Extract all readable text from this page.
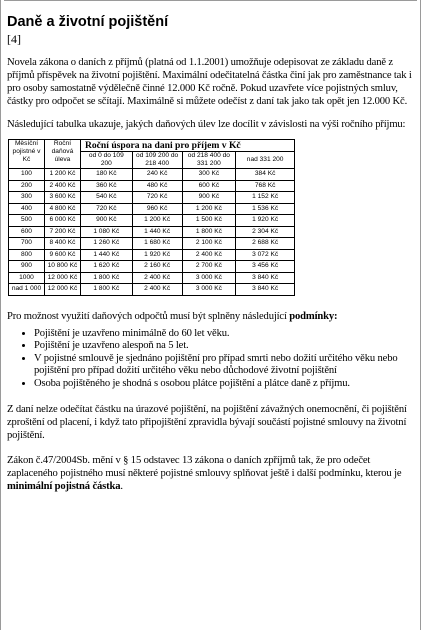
Daně a životní pojištění
[4]

Novela zákona o daních z příjmů (platná od 1.1.2001) umožňuje odepisovat ze základu daně z příjmů příspěvek na životní pojištění. Maximální odečitatelná částka činí jak pro zaměstnance tak i pro osoby samostatně výdělečně činné 12.000 Kč ročně. Pokud uzavřete více pojistných smluv, částky pro odpočet se sčítají. Maximálně si můžete odečíst z daní tak jako tak opět jen 12.000 Kč.

Následující tabulka ukazuje, jakých daňových úlev lze docílit v závislosti na výši ročního příjmu:

Měsíční pojistné v Kč	Roční daňová úleva	Roční úspora na dani pro příjem v Kč			
		od 0 do 109 200	od 109 200 do 218 400	od 218 400 do 331 200	nad 331 200
100	1 200 Kč	180 Kč	240 Kč	300 Kč	384 Kč
200	2 400 Kč	360 Kč	480 Kč	600 Kč	768 Kč
300	3 600 Kč	540 Kč	720 Kč	900 Kč	1 152 Kč
400	4 800 Kč	720 Kč	960 Kč	1 200 Kč	1 536 Kč
500	6 000 Kč	900 Kč	1 200 Kč	1 500 Kč	1 920 Kč
600	7 200 Kč	1 080 Kč	1 440 Kč	1 800 Kč	2 304 Kč
700	8 400 Kč	1 260 Kč	1 680 Kč	2 100 Kč	2 688 Kč
800	9 600 Kč	1 440 Kč	1 920 Kč	2 400 Kč	3 072 Kč
900	10 800 Kč	1 620 Kč	2 160 Kč	2 700 Kč	3 456 Kč
1000	12 000 Kč	1 800 Kč	2 400 Kč	3 000 Kč	3 840 Kč
nad 1 000	12 000 Kč	1 800 Kč	2 400 Kč	3 000 Kč	3 840 Kč

Pro možnost využití daňových odpočtů musí být splněny následující podmínky:

• Pojištění je uzavřeno minimálně do 60 let věku.
• Pojištění je uzavřeno alespoň na 5 let.
• V pojistné smlouvě je sjednáno pojištění pro případ smrti nebo dožití určitého věku nebo pojištění pro případ dožití určitého věku nebo důchodové životní pojištění
• Osoba pojištěného je shodná s osobou plátce pojištění a plátce daně z příjmu.

Z daní nelze odečítat částku na úrazové pojištění, na pojištění závažných onemocnění, či pojištění zproštění od placení, i když tato připojištění zpravidla bývají součástí pojistné smlouvy na životní pojištění.

Zákon č.47/2004Sb. mění v § 15 odstavec 13 zákona o daních zpříjmů tak, že pro odečet zaplaceného pojistného musí některé pojistné smlouvy splňovat ještě i další podmínku, kterou je minimální pojistná částka.
